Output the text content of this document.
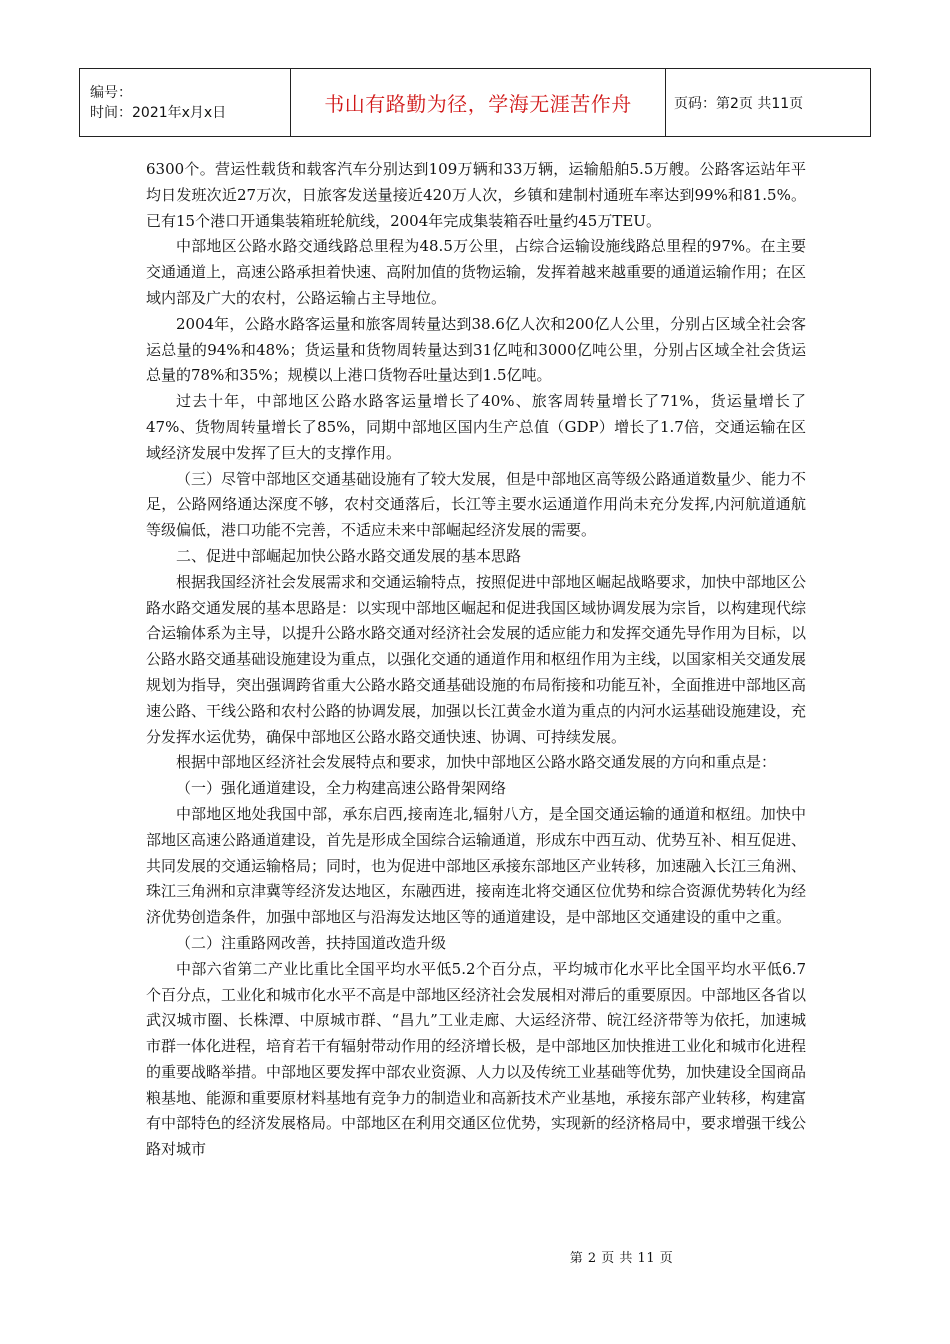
编号：
时间：2021年x月x日	书山有路勤为径，学海无涯苦作舟	页码：第2页 共11页

6300个。营运性载货和载客汽车分别达到109万辆和33万辆，运输船舶5.5万艘。公路客运站年平均日发班次近27万次，日旅客发送量接近420万人次，乡镇和建制村通班车率达到99%和81.5%。已有15个港口开通集装箱班轮航线，2004年完成集装箱吞吐量约45万TEU。

中部地区公路水路交通线路总里程为48.5万公里，占综合运输设施线路总里程的97%。在主要交通通道上，高速公路承担着快速、高附加值的货物运输，发挥着越来越重要的通道运输作用；在区域内部及广大的农村，公路运输占主导地位。

2004年，公路水路客运量和旅客周转量达到38.6亿人次和200亿人公里，分别占区域全社会客运总量的94%和48%；货运量和货物周转量达到31亿吨和3000亿吨公里，分别占区域全社会货运总量的78%和35%；规模以上港口货物吞吐量达到1.5亿吨。

过去十年，中部地区公路水路客运量增长了40%、旅客周转量增长了71%，货运量增长了47%、货物周转量增长了85%，同期中部地区国内生产总值（GDP）增长了1.7倍，交通运输在区域经济发展中发挥了巨大的支撑作用。

（三）尽管中部地区交通基础设施有了较大发展，但是中部地区高等级公路通道数量少、能力不足，公路网络通达深度不够，农村交通落后，长江等主要水运通道作用尚未充分发挥,内河航道通航等级偏低，港口功能不完善，不适应未来中部崛起经济发展的需要。

二、促进中部崛起加快公路水路交通发展的基本思路

根据我国经济社会发展需求和交通运输特点，按照促进中部地区崛起战略要求，加快中部地区公路水路交通发展的基本思路是：以实现中部地区崛起和促进我国区域协调发展为宗旨，以构建现代综合运输体系为主导，以提升公路水路交通对经济社会发展的适应能力和发挥交通先导作用为目标，以公路水路交通基础设施建设为重点，以强化交通的通道作用和枢纽作用为主线，以国家相关交通发展规划为指导，突出强调跨省重大公路水路交通基础设施的布局衔接和功能互补，全面推进中部地区高速公路、干线公路和农村公路的协调发展，加强以长江黄金水道为重点的内河水运基础设施建设，充分发挥水运优势，确保中部地区公路水路交通快速、协调、可持续发展。

根据中部地区经济社会发展特点和要求，加快中部地区公路水路交通发展的方向和重点是：

（一）强化通道建设，全力构建高速公路骨架网络

中部地区地处我国中部，承东启西,接南连北,辐射八方，是全国交通运输的通道和枢纽。加快中部地区高速公路通道建设，首先是形成全国综合运输通道，形成东中西互动、优势互补、相互促进、共同发展的交通运输格局；同时，也为促进中部地区承接东部地区产业转移，加速融入长江三角洲、珠江三角洲和京津冀等经济发达地区，东融西进，接南连北将交通区位优势和综合资源优势转化为经济优势创造条件，加强中部地区与沿海发达地区等的通道建设，是中部地区交通建设的重中之重。

（二）注重路网改善，扶持国道改造升级

中部六省第二产业比重比全国平均水平低5.2个百分点，平均城市化水平比全国平均水平低6.7个百分点，工业化和城市化水平不高是中部地区经济社会发展相对滞后的重要原因。中部地区各省以武汉城市圈、长株潭、中原城市群、“昌九”工业走廊、大运经济带、皖江经济带等为依托，加速城市群一体化进程，培育若干有辐射带动作用的经济增长极，是中部地区加快推进工业化和城市化进程的重要战略举措。中部地区要发挥中部农业资源、人力以及传统工业基础等优势，加快建设全国商品粮基地、能源和重要原材料基地有竞争力的制造业和高新技术产业基地，承接东部产业转移，构建富有中部特色的经济发展格局。中部地区在利用交通区位优势，实现新的经济格局中，要求增强干线公路对城市

第 2 页 共 11 页
